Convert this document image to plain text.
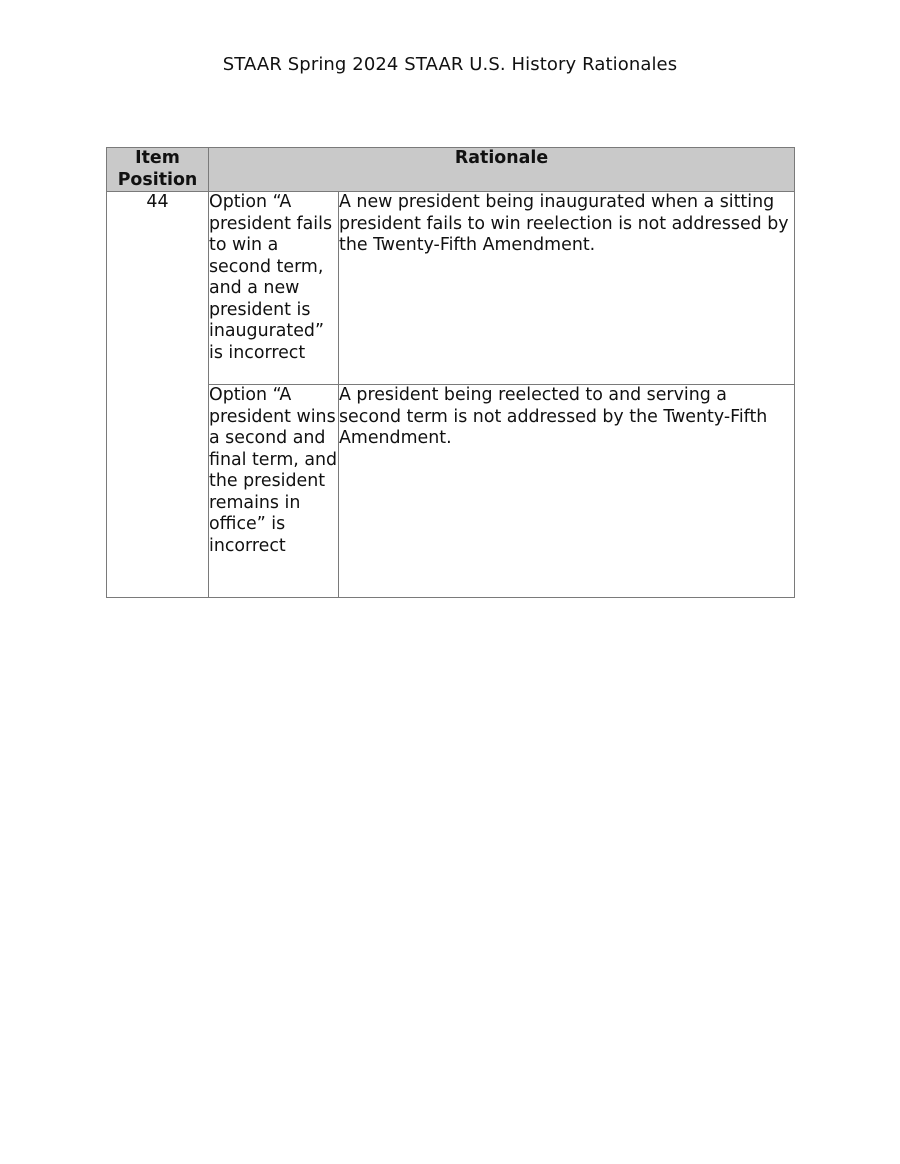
STAAR Spring 2024 STAAR U.S. History Rationales
Item Position	Rationale	
44	Option “A president fails to win a second term, and a new president is inaugurated” is incorrect	A new president being inaugurated when a sitting president fails to win reelection is not addressed by the Twenty-Fifth Amendment.
	Option “A president wins a second and final term, and the president remains in office” is incorrect	A president being reelected to and serving a second term is not addressed by the Twenty-Fifth Amendment.
